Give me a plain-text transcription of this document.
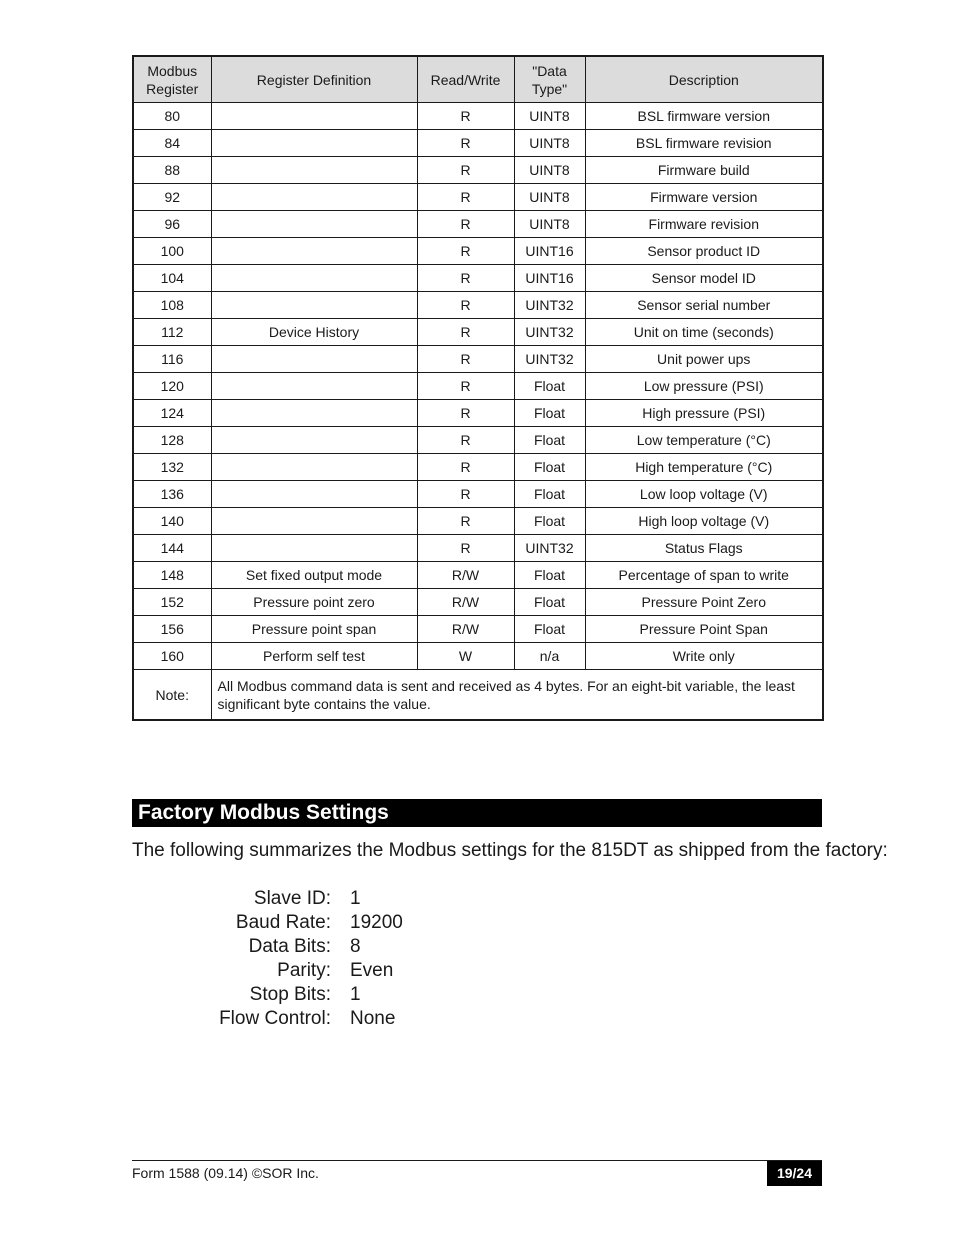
Modbus Register	Register Definition	Read/Write	"Data Type"	Description
80		R	UINT8	BSL firmware version
84		R	UINT8	BSL firmware revision
88		R	UINT8	Firmware build
92		R	UINT8	Firmware version
96		R	UINT8	Firmware revision
100		R	UINT16	Sensor product ID
104		R	UINT16	Sensor model ID
108		R	UINT32	Sensor serial number
112	Device History	R	UINT32	Unit on time (seconds)
116		R	UINT32	Unit power ups
120		R	Float	Low pressure (PSI)
124		R	Float	High pressure (PSI)
128		R	Float	Low temperature (°C)
132		R	Float	High temperature (°C)
136		R	Float	Low loop voltage (V)
140		R	Float	High loop voltage (V)
144		R	UINT32	Status Flags
148	Set fixed output mode	R/W	Float	Percentage of span to write
152	Pressure point zero	R/W	Float	Pressure Point Zero
156	Pressure point span	R/W	Float	Pressure Point Span
160	Perform self test	W	n/a	Write only
Note:	All Modbus command data is sent and received as 4 bytes. For an eight-bit variable, the least significant byte contains the value.			
Factory Modbus Settings
The following summarizes the Modbus settings for the 815DT as shipped from the factory:
Slave ID: 1
Baud Rate: 19200
Data Bits: 8
Parity: Even
Stop Bits: 1
Flow Control: None
Form 1588 (09.14) ©SOR Inc.	19/24
